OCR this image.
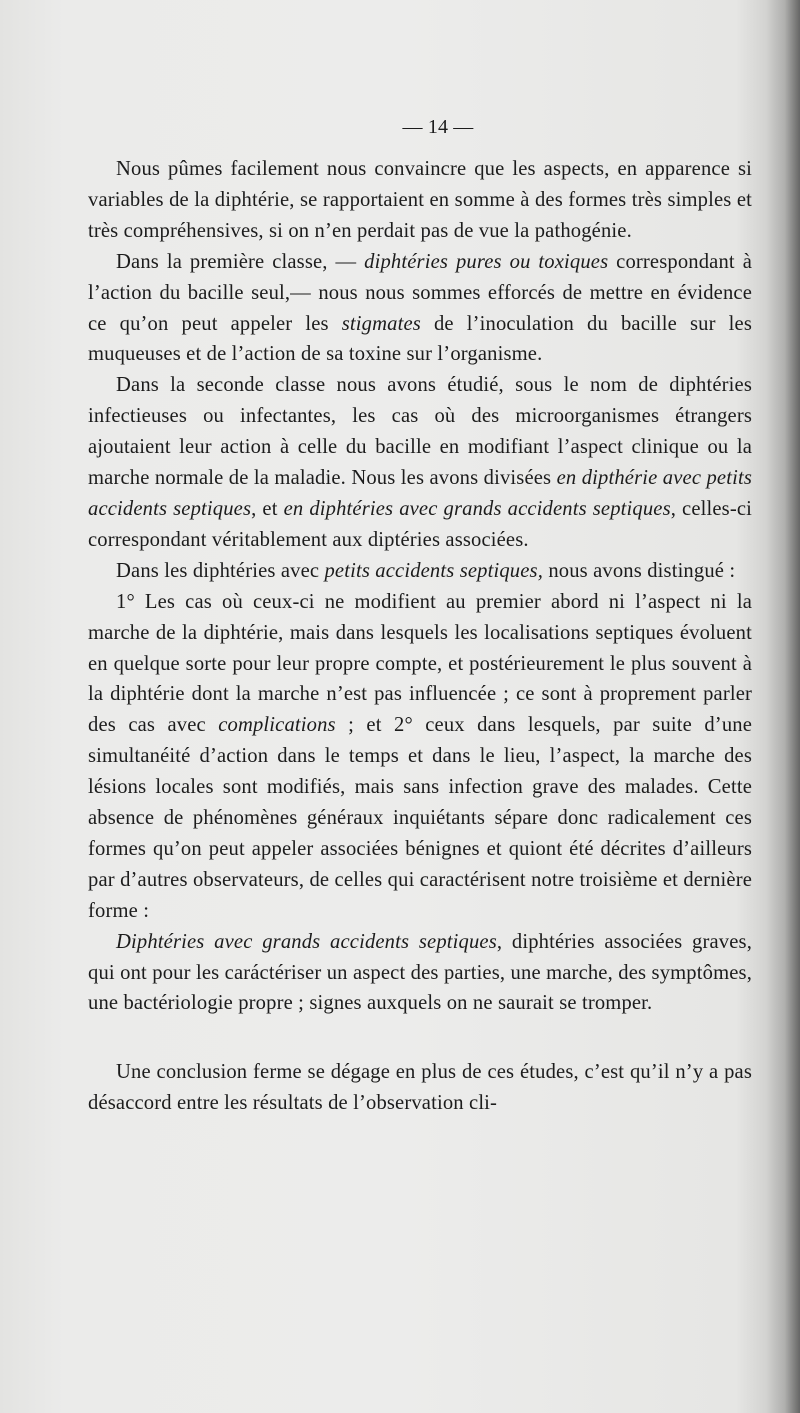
— 14 —

Nous pûmes facilement nous convaincre que les aspects, en apparence si variables de la diphtérie, se rapportaient en somme à des formes très simples et très compréhensives, si on n’en perdait pas de vue la pathogénie.

Dans la première classe, — diphtéries pures ou toxiques correspondant à l’action du bacille seul,— nous nous sommes efforcés de mettre en évidence ce qu’on peut appeler les stigmates de l’inoculation du bacille sur les muqueuses et de l’action de sa toxine sur l’organisme.

Dans la seconde classe nous avons étudié, sous le nom de diphtéries infectieuses ou infectantes, les cas où des microorganismes étrangers ajoutaient leur action à celle du bacille en modifiant l’aspect clinique ou la marche normale de la maladie. Nous les avons divisées en dipthérie avec petits accidents septiques, et en diphtéries avec grands accidents septiques, celles-ci correspondant véritablement aux diptéries associées.

Dans les diphtéries avec petits accidents septiques, nous avons distingué :

1° Les cas où ceux-ci ne modifient au premier abord ni l’aspect ni la marche de la diphtérie, mais dans lesquels les localisations septiques évoluent en quelque sorte pour leur propre compte, et postérieurement le plus souvent à la diphtérie dont la marche n’est pas influencée ; ce sont à proprement parler des cas avec complications ; et 2° ceux dans lesquels, par suite d’une simultanéité d’action dans le temps et dans le lieu, l’aspect, la marche des lésions locales sont modifiés, mais sans infection grave des malades. Cette absence de phénomènes généraux inquiétants sépare donc radicalement ces formes qu’on peut appeler associées bénignes et quiont été décrites d’ailleurs par d’autres observateurs, de celles qui caractérisent notre troisième et dernière forme :

Diphtéries avec grands accidents septiques, diphtéries associées graves, qui ont pour les caráctériser un aspect des parties, une marche, des symptômes, une bactériologie propre ; signes auxquels on ne saurait se tromper.

Une conclusion ferme se dégage en plus de ces études, c’est qu’il n’y a pas désaccord entre les résultats de l’observation cli-
